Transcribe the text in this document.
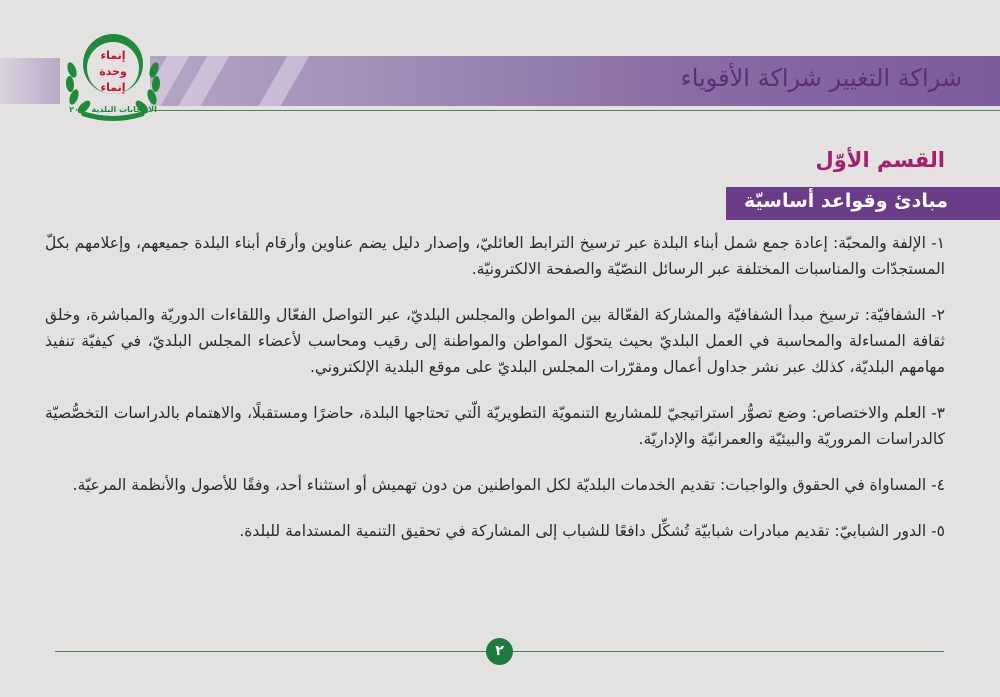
شراكة التغيير شراكة الأقوياء
إنماء
وحدة
إنماء
الانتخابات البلدية ٢٠١٠
القسم الأوّل
مبادئ وقواعد أساسيّة

١- الإلفة والمحبّة: إعادة جمع شمل أبناء البلدة عبر ترسيخ الترابط العائليّ، وإصدار دليل يضم عناوين وأرقام أبناء البلدة جميعهم، وإعلامهم بكلّ المستجدّات والمناسبات المختلفة عبر الرسائل النصّيّة والصفحة الالكترونيّة.

٢- الشفافيّة: ترسيخ مبدأ الشفافيّة والمشاركة الفعّالة بين المواطن والمجلس البلديّ، عبر التواصل الفعّال واللقاءات الدوريّة والمباشرة، وخلق ثقافة المساءلة والمحاسبة في العمل البلديّ بحيث يتحوّل المواطن والمواطنة إلى رقيب ومحاسب لأعضاء المجلس البلديّ، في كيفيّة تنفيذ مهامهم البلديّة، كذلك عبر نشر جداول أعمال ومقرّرات المجلس البلديّ على موقع البلدية الإلكتروني.

٣- العلم والاختصاص: وضع تصوُّر استراتيجيّ للمشاريع التنمويّة التطويريّة الّتي تحتاجها البلدة، حاضرًا ومستقبلًا، والاهتمام بالدراسات التخصُّصيّة كالدراسات المروريّة والبيئيّة والعمرانيّة والإداريّة.

٤- المساواة في الحقوق والواجبات: تقديم الخدمات البلديّة لكل المواطنين من دون تهميش أو استثناء أحد، وفقًا للأصول والأنظمة المرعيّة.

٥- الدور الشبابيّ: تقديم مبادرات شبابيّة تُشكِّل دافعًا للشباب إلى المشاركة في تحقيق التنمية المستدامة للبلدة.

٢
